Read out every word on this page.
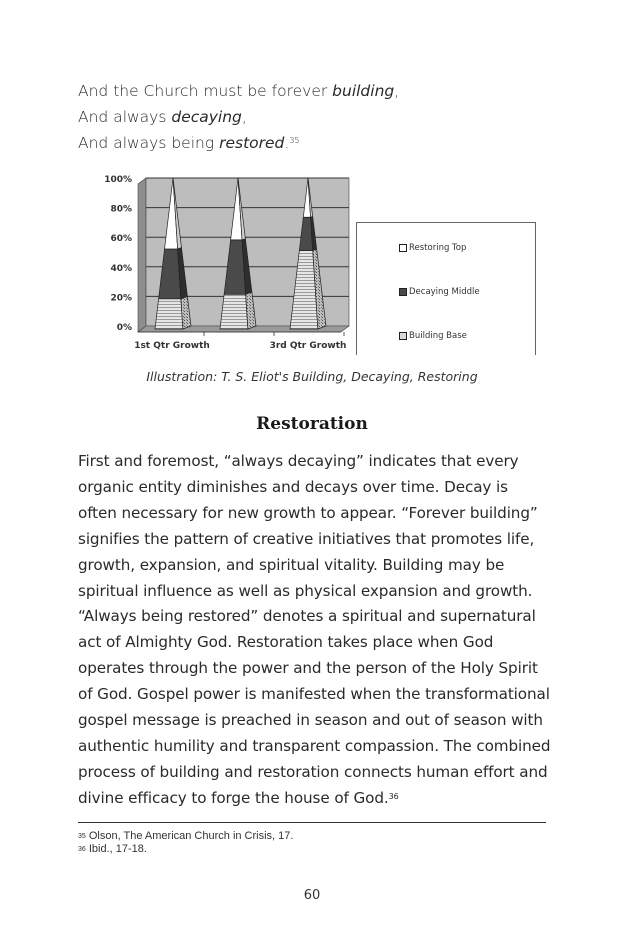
And the Church must be forever building,
And always decaying,
And always being restored.$^{35}$
0%
20%
40%
60%
80%
100%
1st Qtr Growth	3rd Qtr Growth
Restoring Top
Decaying Middle
Building Base
Illustration: T. S. Eliot's Building, Decaying, Restoring
Restoration
First and foremost, “always decaying” indicates that every
organic entity diminishes and decays over time. Decay is
often necessary for new growth to appear. “Forever building”
signifies the pattern of creative initiatives that promotes life,
growth, expansion, and spiritual vitality. Building may be
spiritual influence as well as physical expansion and growth.
“Always being restored” denotes a spiritual and supernatural
act of Almighty God. Restoration takes place when God
operates through the power and the person of the Holy Spirit
of God. Gospel power is manifested when the transformational
gospel message is preached in season and out of season with
authentic humility and transparent compassion. The combined
process of building and restoration connects human effort and
divine efficacy to forge the house of God.$^{36}$
$^{35}$ Olson, The American Church in Crisis, 17.
$^{36}$ Ibid., 17-18.
60
